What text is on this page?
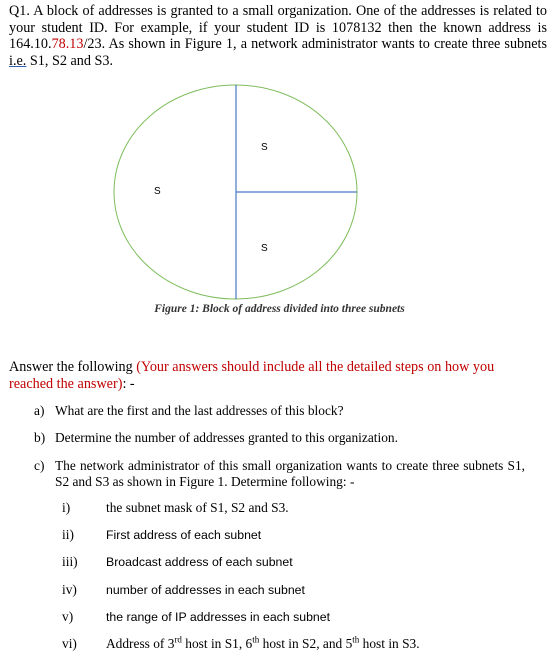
Q1. A block of addresses is granted to a small organization. One of the addresses is related to your student ID. For example, if your student ID is 1078132 then the known address is 164.10.78.13/23. As shown in Figure 1, a network administrator wants to create three subnets i.e. S1, S2 and S3.
S
S
S
Figure 1: Block of address divided into three subnets
Answer the following (Your answers should include all the detailed steps on how you reached the answer): -
a) What are the first and the last addresses of this block?
b) Determine the number of addresses granted to this organization.
c) The network administrator of this small organization wants to create three subnets S1, S2 and S3 as shown in Figure 1. Determine following: -
i)	the subnet mask of S1, S2 and S3.
ii)	First address of each subnet
iii) Broadcast address of each subnet
iv) number of addresses in each subnet
v)	the range of IP addresses in each subnet
vi) Address of 3rd host in S1, 6th host in S2, and 5th host in S3.
